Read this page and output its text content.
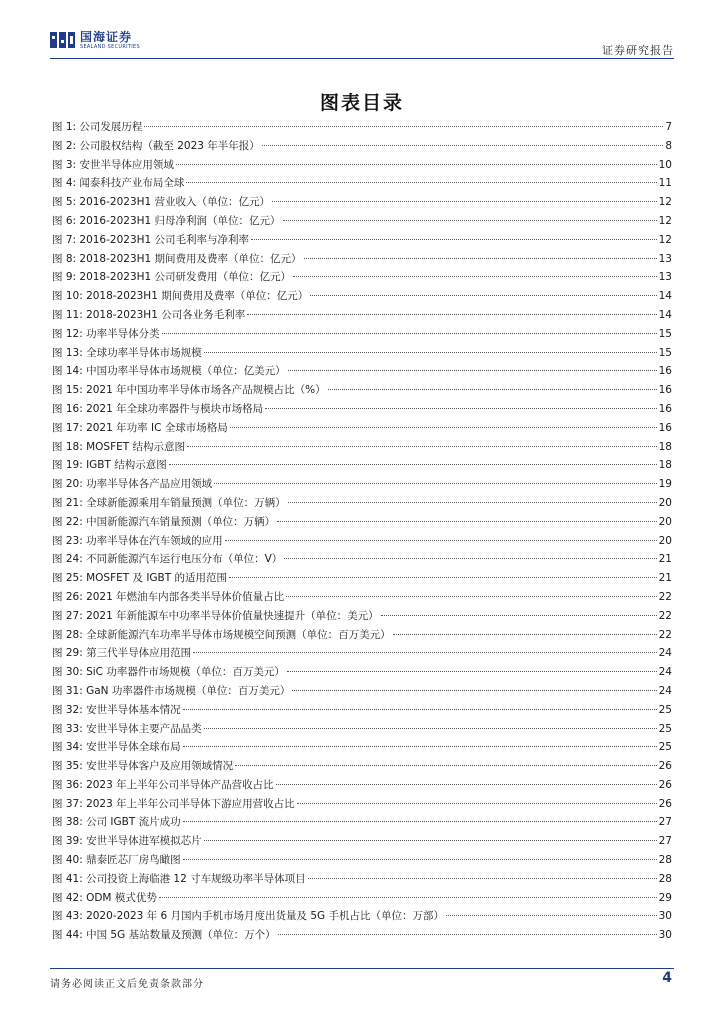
国海证券
SEALAND SECURITIES	证券研究报告
图表目录
图 1: 公司发展历程	7
图 2: 公司股权结构（截至 2023 年半年报）	8
图 3: 安世半导体应用领域	10
图 4: 闻泰科技产业布局全球	11
图 5: 2016-2023H1 营业收入（单位：亿元）	12
图 6: 2016-2023H1 归母净利润（单位：亿元）	12
图 7: 2016-2023H1 公司毛利率与净利率	12
图 8: 2018-2023H1 期间费用及费率（单位：亿元）	13
图 9: 2018-2023H1 公司研发费用（单位：亿元）	13
图 10: 2018-2023H1 期间费用及费率（单位：亿元）	14
图 11: 2018-2023H1 公司各业务毛利率	14
图 12: 功率半导体分类	15
图 13: 全球功率半导体市场规模	15
图 14: 中国功率半导体市场规模（单位：亿美元）	16
图 15: 2021 年中国功率半导体市场各产品规模占比（%）	16
图 16: 2021 年全球功率器件与模块市场格局	16
图 17: 2021 年功率 IC 全球市场格局	16
图 18: MOSFET 结构示意图	18
图 19: IGBT 结构示意图	18
图 20: 功率半导体各产品应用领域	19
图 21: 全球新能源乘用车销量预测（单位：万辆）	20
图 22: 中国新能源汽车销量预测（单位：万辆）	20
图 23: 功率半导体在汽车领域的应用	20
图 24: 不同新能源汽车运行电压分布（单位：V）	21
图 25: MOSFET 及 IGBT 的适用范围	21
图 26: 2021 年燃油车内部各类半导体价值量占比	22
图 27: 2021 年新能源车中功率半导体价值量快速提升（单位：美元）	22
图 28: 全球新能源汽车功率半导体市场规模空间预测（单位：百万美元）	22
图 29: 第三代半导体应用范围	24
图 30: SiC 功率器件市场规模（单位：百万美元）	24
图 31: GaN 功率器件市场规模（单位：百万美元）	24
图 32: 安世半导体基本情况	25
图 33: 安世半导体主要产品品类	25
图 34: 安世半导体全球布局	25
图 35: 安世半导体客户及应用领域情况	26
图 36: 2023 年上半年公司半导体产品营收占比	26
图 37: 2023 年上半年公司半导体下游应用营收占比	26
图 38: 公司 IGBT 流片成功	27
图 39: 安世半导体进军模拟芯片	27
图 40: 鼎泰匠芯厂房鸟瞰图	28
图 41: 公司投资上海临港 12 寸车规级功率半导体项目	28
图 42: ODM 模式优势	29
图 43: 2020-2023 年 6 月国内手机市场月度出货量及 5G 手机占比（单位：万部）	30
图 44: 中国 5G 基站数量及预测（单位：万个）	30
请务必阅读正文后免责条款部分	4
